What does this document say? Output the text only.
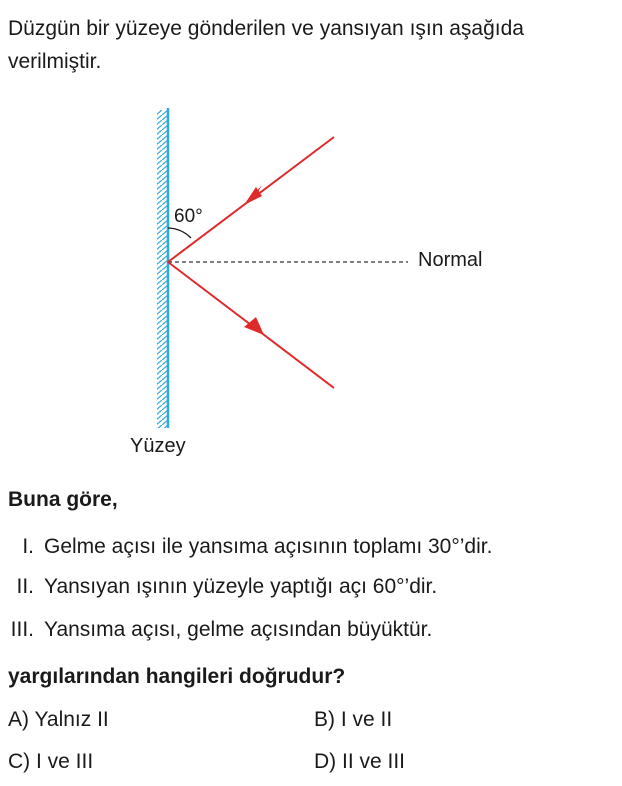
Düzgün bir yüzeye gönderilen ve yansıyan ışın aşağıda verilmiştir.
60°
Normal
Yüzey
Buna göre,
I. Gelme açısı ile yansıma açısının toplamı 30°’dir.
II. Yansıyan ışının yüzeyle yaptığı açı 60°’dir.
III. Yansıma açısı, gelme açısından büyüktür.
yargılarından hangileri doğrudur?
A) Yalnız II	B) I ve II
C) I ve III	D) II ve III
